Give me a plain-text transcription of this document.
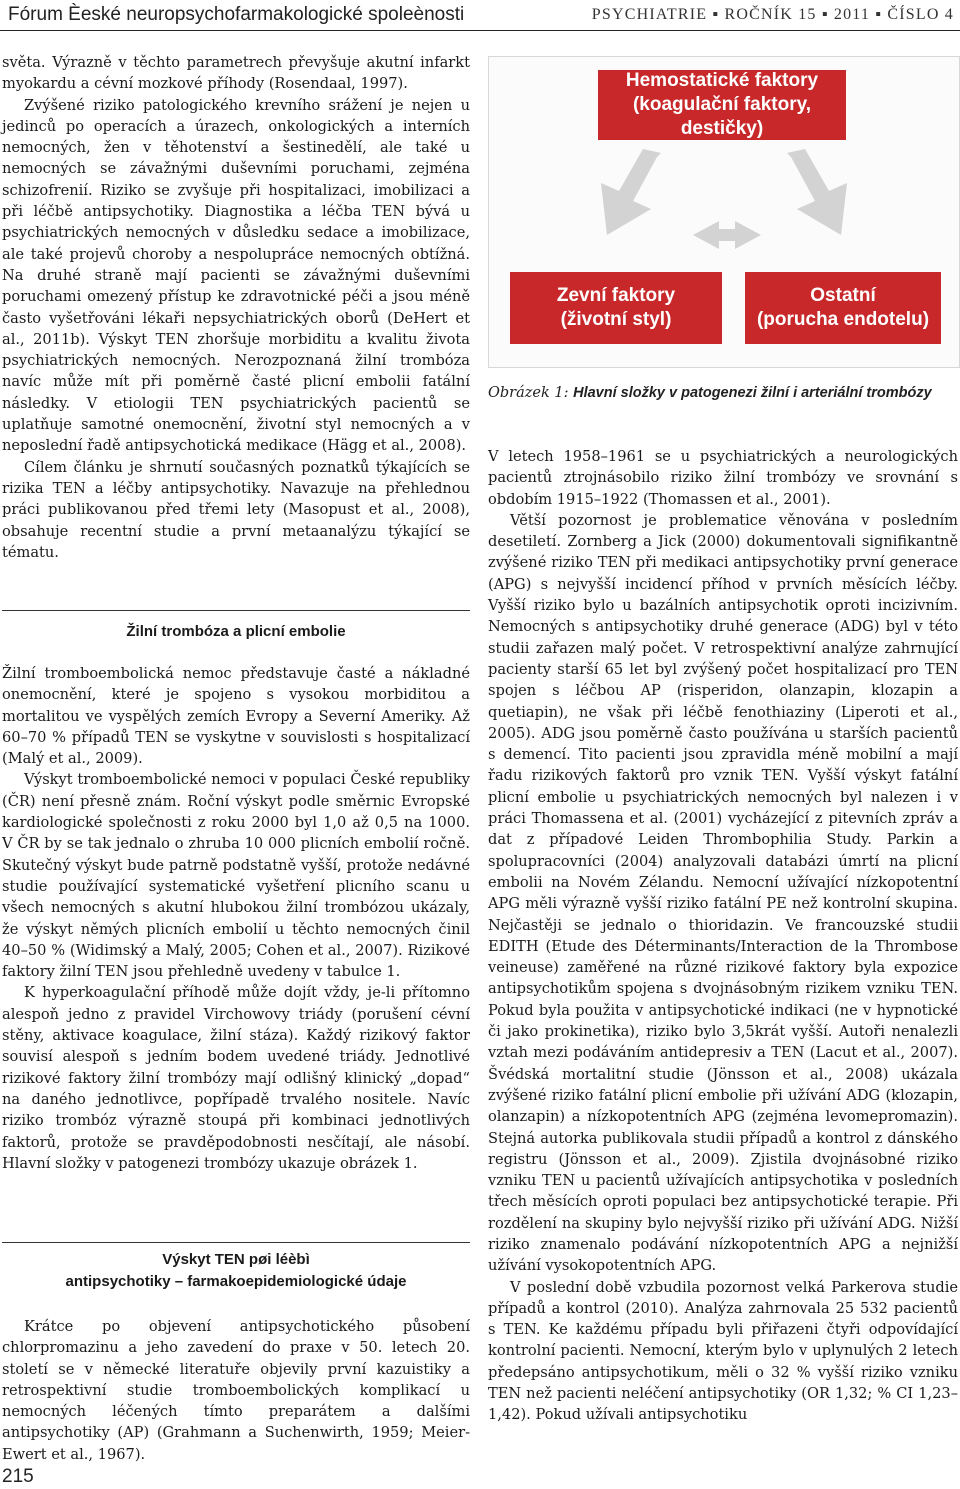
Fórum Èeské neuropsychofarmakologické spoleènosti	PSYCHIATRIE ▪ ROČNÍK 15 ▪ 2011 ▪ ČÍSLO 4

světa. Výrazně v těchto parametrech převyšuje akutní infarkt myokardu a cévní mozkové příhody (Rosendaal, 1997).

Zvýšené riziko patologického krevního srážení je nejen u jedinců po operacích a úrazech, onkologických a interních nemocných, žen v těhotenství a šestinedělí, ale také u nemocných se závažnými duševními poruchami, zejména schizofrenií. Riziko se zvyšuje při hospitalizaci, imobilizaci a při léčbě antipsychotiky. Diagnostika a léčba TEN bývá u psychiatrických nemocných v důsledku sedace a imobilizace, ale také projevů choroby a nespolupráce nemocných obtížná. Na druhé straně mají pacienti se závažnými duševními poruchami omezený přístup ke zdravotnické péči a jsou méně často vyšetřováni lékaři nepsychiatrických oborů (DeHert et al., 2011b). Výskyt TEN zhoršuje morbiditu a kvalitu života psychiatrických nemocných. Nerozpoznaná žilní trombóza navíc může mít při poměrně časté plicní embolii fatální následky. V etiologii TEN psychiatrických pacientů se uplatňuje samotné onemocnění, životní styl nemocných a v neposlední řadě antipsychotická medikace (Hägg et al., 2008).

Cílem článku je shrnutí současných poznatků týkajících se rizika TEN a léčby antipsychotiky. Navazuje na přehlednou práci publikovanou před třemi lety (Masopust et al., 2008), obsahuje recentní studie a první metaanalýzu týkající se tématu.

Žilní trombóza a plicní embolie

Žilní tromboembolická nemoc představuje časté a nákladné onemocnění, které je spojeno s vysokou morbiditou a mortalitou ve vyspělých zemích Evropy a Severní Ameriky. Až 60–70 % případů TEN se vyskytne v souvislosti s hospitalizací (Malý et al., 2009).

Výskyt tromboembolické nemoci v populaci České republiky (ČR) není přesně znám. Roční výskyt podle směrnic Evropské kardiologické společnosti z roku 2000 byl 1,0 až 0,5 na 1000. V ČR by se tak jednalo o zhruba 10 000 plicních embolií ročně. Skutečný výskyt bude patrně podstatně vyšší, protože nedávné studie používající systematické vyšetření plicního scanu u všech nemocných s akutní hlubokou žilní trombózou ukázaly, že výskyt němých plicních embolií u těchto nemocných činil 40–50 % (Widimský a Malý, 2005; Cohen et al., 2007). Rizikové faktory žilní TEN jsou přehledně uvedeny v tabulce 1.

K hyperkoagulační příhodě může dojít vždy, je-li přítomno alespoň jedno z pravidel Virchowovy triády (porušení cévní stěny, aktivace koagulace, žilní stáza). Každý rizikový faktor souvisí alespoň s jedním bodem uvedené triády. Jednotlivé rizikové faktory žilní trombózy mají odlišný klinický „dopad“ na daného jednotlivce, popřípadě trvalého nositele. Navíc riziko trombóz výrazně stoupá při kombinaci jednotlivých faktorů, protože se pravděpodobnosti nesčítají, ale násobí. Hlavní složky v patogenezi trombózy ukazuje obrázek 1.

Výskyt TEN pøi léèbì
antipsychotiky – farmakoepidemiologické údaje

Krátce po objevení antipsychotického působení chlorpromazinu a jeho zavedení do praxe v 50. letech 20. století se v německé literatuře objevily první kazuistiky a retrospektivní studie tromboembolických komplikací u nemocných léčených tímto preparátem a dalšími antipsychotiky (AP) (Grahmann a Suchenwirth, 1959; Meier-Ewert et al., 1967).

Hemostatické faktory
(koagulační faktory, destičky)
Zevní faktory
(životní styl)
Ostatní
(porucha endotelu)
Obrázek 1: Hlavní složky v patogenezi žilní i arteriální trombózy

V letech 1958–1961 se u psychiatrických a neurologických pacientů ztrojnásobilo riziko žilní trombózy ve srovnání s obdobím 1915–1922 (Thomassen et al., 2001).

Větší pozornost je problematice věnována v posledním desetiletí. Zornberg a Jick (2000) dokumentovali signifikantně zvýšené riziko TEN při medikaci antipsychotiky první generace (APG) s nejvyšší incidencí příhod v prvních měsících léčby. Vyšší riziko bylo u bazálních antipsychotik oproti incizivním. Nemocných s antipsychotiky druhé generace (ADG) byl v této studii zařazen malý počet. V retrospektivní analýze zahrnující pacienty starší 65 let byl zvýšený počet hospitalizací pro TEN spojen s léčbou AP (risperidon, olanzapin, klozapin a quetiapin), ne však při léčbě fenothiaziny (Liperoti et al., 2005). ADG jsou poměrně často používána u starších pacientů s demencí. Tito pacienti jsou zpravidla méně mobilní a mají řadu rizikových faktorů pro vznik TEN. Vyšší výskyt fatální plicní embolie u psychiatrických nemocných byl nalezen i v práci Thomassena et al. (2001) vycházející z pitevních zpráv a dat z případové Leiden Thrombophilia Study. Parkin a spolupracovníci (2004) analyzovali databázi úmrtí na plicní embolii na Novém Zélandu. Nemocní užívající nízkopotentní APG měli výrazně vyšší riziko fatální PE než kontrolní skupina. Nejčastěji se jednalo o thioridazin. Ve francouzské studii EDITH (Etude des Déterminants/Interaction de la Thrombose veineuse) zaměřené na různé rizikové faktory byla expozice antipsychotikům spojena s dvojnásobným rizikem vzniku TEN. Pokud byla použita v antipsychotické indikaci (ne v hypnotické či jako prokinetika), riziko bylo 3,5krát vyšší. Autoři nenalezli vztah mezi podáváním antidepresiv a TEN (Lacut et al., 2007). Švédská mortalitní studie (Jönsson et al., 2008) ukázala zvýšené riziko fatální plicní embolie při užívání ADG (klozapin, olanzapin) a nízkopotentních APG (zejména levomepromazin). Stejná autorka publikovala studii případů a kontrol z dánského registru (Jönsson et al., 2009). Zjistila dvojnásobné riziko vzniku TEN u pacientů užívajících antipsychotika v posledních třech měsících oproti populaci bez antipsychotické terapie. Při rozdělení na skupiny bylo nejvyšší riziko při užívání ADG. Nižší riziko znamenalo podávání nízkopotentních APG a nejnižší užívání vysokopotentních APG.

V poslední době vzbudila pozornost velká Parkerova studie případů a kontrol (2010). Analýza zahrnovala 25 532 pacientů s TEN. Ke každému případu byli přiřazeni čtyři odpovídající kontrolní pacienti. Nemocní, kterým bylo v uplynulých 2 letech předepsáno antipsychotikum, měli o 32 % vyšší riziko vzniku TEN než pacienti neléčení antipsychotiky (OR 1,32; % CI 1,23–1,42). Pokud užívali antipsychotiku

215
